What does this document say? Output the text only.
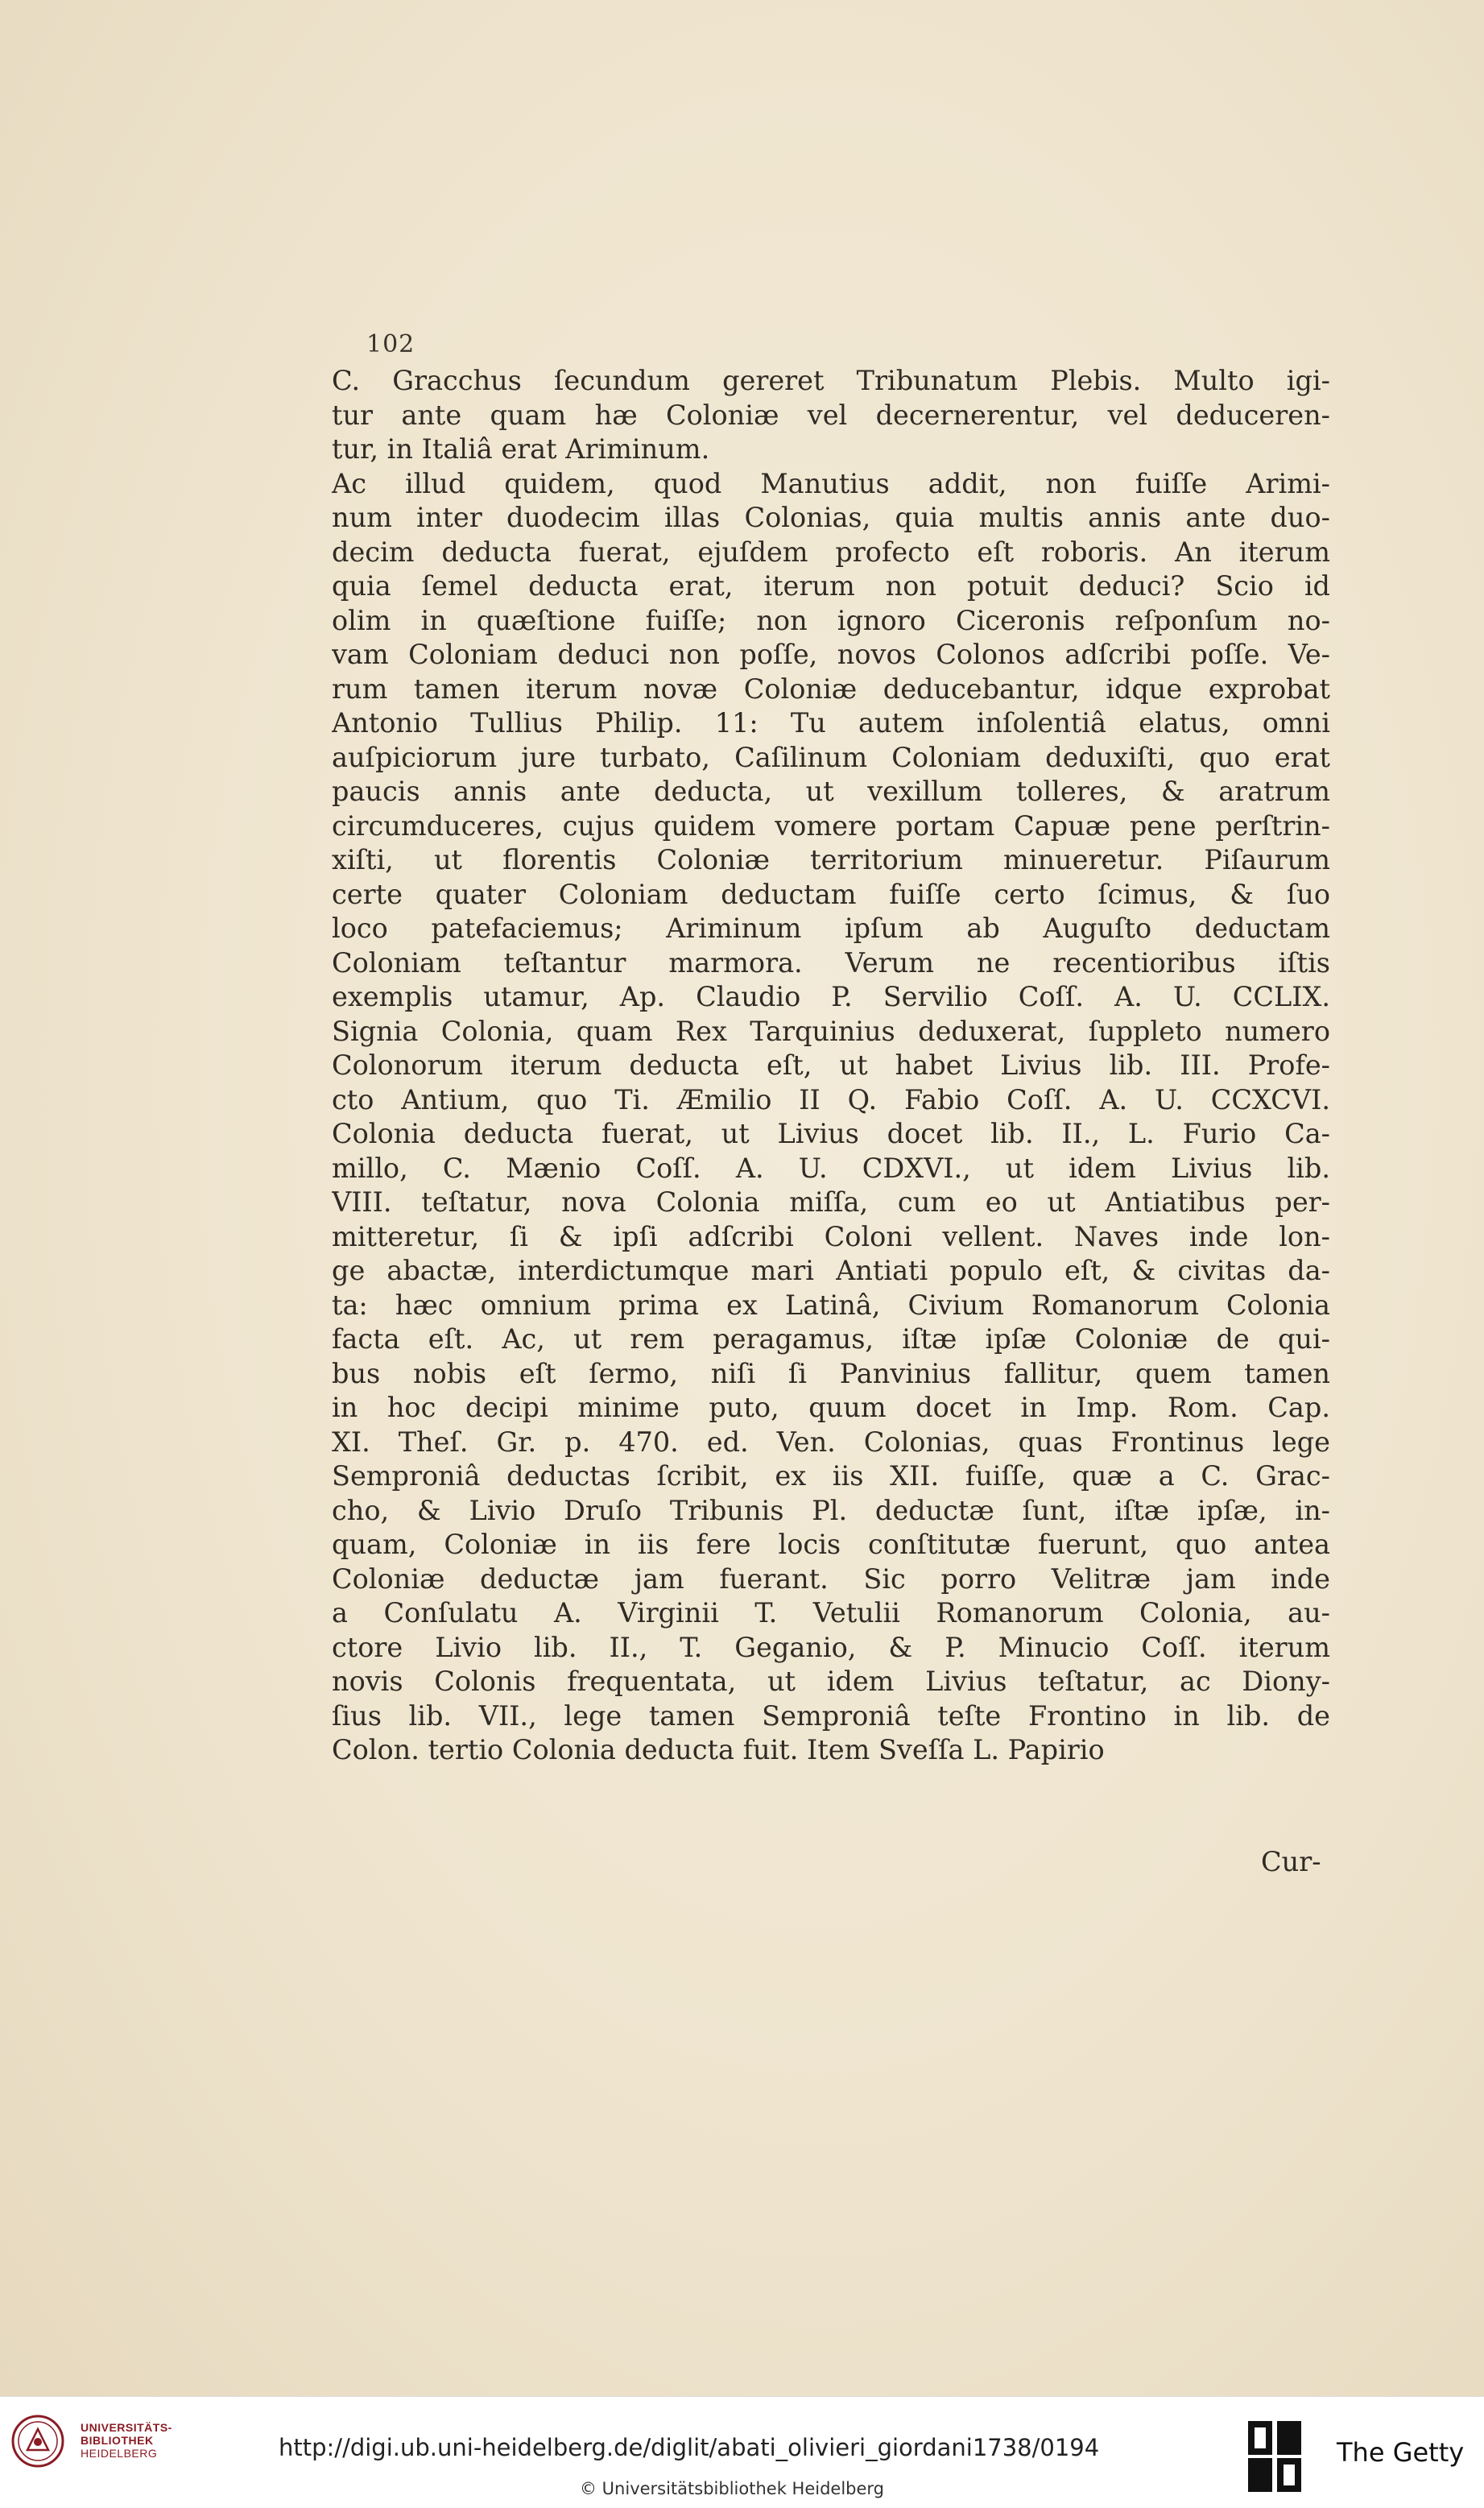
102
C. Gracchus ſecundum gereret Tribunatum Plebis. Multo igi-
tur ante quam hæ Coloniæ vel decernerentur, vel deduceren-
tur, in Italiâ erat Ariminum.
Ac illud quidem, quod Manutius addit, non fuiſſe Arimi-
num inter duodecim illas Colonias, quia multis annis ante duo-
decim deducta fuerat, ejuſdem profecto eſt roboris. An iterum
quia ſemel deducta erat, iterum non potuit deduci? Scio id
olim in quæſtione fuiſſe; non ignoro Ciceronis reſponſum no-
vam Coloniam deduci non poſſe, novos Colonos adſcribi poſſe. Ve-
rum tamen iterum novæ Coloniæ deducebantur, idque exprobat
Antonio Tullius Philip. 11: Tu autem inſolentiâ elatus, omni
auſpiciorum jure turbato, Caſilinum Coloniam deduxiſti, quo erat
paucis annis ante deducta, ut vexillum tolleres, & aratrum
circumduceres, cujus quidem vomere portam Capuæ pene perſtrin-
xiſti, ut florentis Coloniæ territorium minueretur. Piſaurum
certe quater Coloniam deductam fuiſſe certo ſcimus, & ſuo
loco patefaciemus; Ariminum ipſum ab Auguſto deductam
Coloniam teſtantur marmora. Verum ne recentioribus iſtis
exemplis utamur, Ap. Claudio P. Servilio Coſſ. A. U. CCLIX.
Signia Colonia, quam Rex Tarquinius deduxerat, ſuppleto numero
Colonorum iterum deducta eſt, ut habet Livius lib. III. Profe-
cto Antium, quo Ti. Æmilio II Q. Fabio Coſſ. A. U. CCXCVI.
Colonia deducta fuerat, ut Livius docet lib. II., L. Furio Ca-
millo, C. Mænio Coſſ. A. U. CDXVI., ut idem Livius lib.
VIII. teſtatur, nova Colonia miſſa, cum eo ut Antiatibus per-
mitteretur, ſi & ipſi adſcribi Coloni vellent. Naves inde lon-
ge abactæ, interdictumque mari Antiati populo eſt, & civitas da-
ta: hæc omnium prima ex Latinâ, Civium Romanorum Colonia
facta eſt. Ac, ut rem peragamus, iſtæ ipſæ Coloniæ de qui-
bus nobis eſt ſermo, niſi ſi Panvinius fallitur, quem tamen
in hoc decipi minime puto, quum docet in Imp. Rom. Cap.
XI. Theſ. Gr. p. 470. ed. Ven. Colonias, quas Frontinus lege
Semproniâ deductas ſcribit, ex iis XII. fuiſſe, quæ a C. Grac-
cho, & Livio Druſo Tribunis Pl. deductæ ſunt, iſtæ ipſæ, in-
quam, Coloniæ in iis fere locis conſtitutæ fuerunt, quo antea
Coloniæ deductæ jam fuerant. Sic porro Velitræ jam inde
a Conſulatu A. Virginii T. Vetulii Romanorum Colonia, au-
ctore Livio lib. II., T. Geganio, & P. Minucio Coſſ. iterum
novis Colonis frequentata, ut idem Livius teſtatur, ac Diony-
ſius lib. VII., lege tamen Semproniâ teſte Frontino in lib. de
Colon. tertio Colonia deducta fuit. Item Sveſſa L. Papirio
Cur-
UNIVERSITÄTS-
BIBLIOTHEK
HEIDELBERG	http://digi.ub.uni-heidelberg.de/diglit/abati_olivieri_giordani1738/0194
© Universitätsbibliothek Heidelberg
The Getty
